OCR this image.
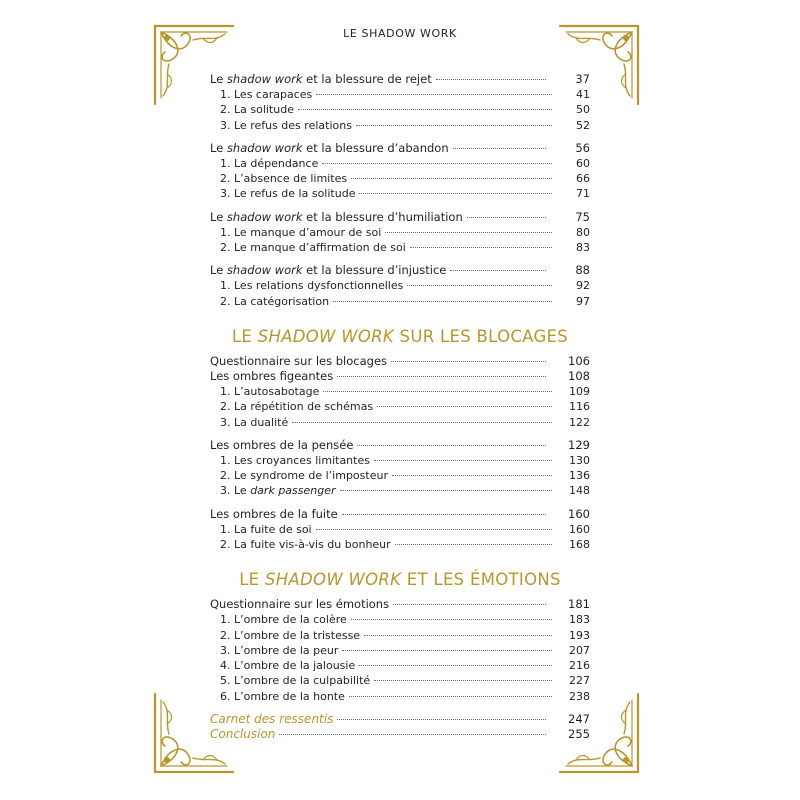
LE SHADOW WORK
Le shadow work et la blessure de rejet	37
1. Les carapaces	41
2. La solitude	50
3. Le refus des relations	52
Le shadow work et la blessure d’abandon	56
1. La dépendance	60
2. L’absence de limites	66
3. Le refus de la solitude	71
Le shadow work et la blessure d’humiliation	75
1. Le manque d’amour de soi	80
2. Le manque d’affirmation de soi	83
Le shadow work et la blessure d’injustice	88
1. Les relations dysfonctionnelles	92
2. La catégorisation	97
LE SHADOW WORK SUR LES BLOCAGES
Questionnaire sur les blocages	106
Les ombres figeantes	108
1. L’autosabotage	109
2. La répétition de schémas	116
3. La dualité	122
Les ombres de la pensée	129
1. Les croyances limitantes	130
2. Le syndrome de l’imposteur	136
3. Le dark passenger	148
Les ombres de la fuite	160
1. La fuite de soi	160
2. La fuite vis-à-vis du bonheur	168
LE SHADOW WORK ET LES ÉMOTIONS
Questionnaire sur les émotions	181
1. L’ombre de la colère	183
2. L’ombre de la tristesse	193
3. L’ombre de la peur	207
4. L’ombre de la jalousie	216
5. L’ombre de la culpabilité	227
6. L’ombre de la honte	238
Carnet des ressentis	247
Conclusion	255
